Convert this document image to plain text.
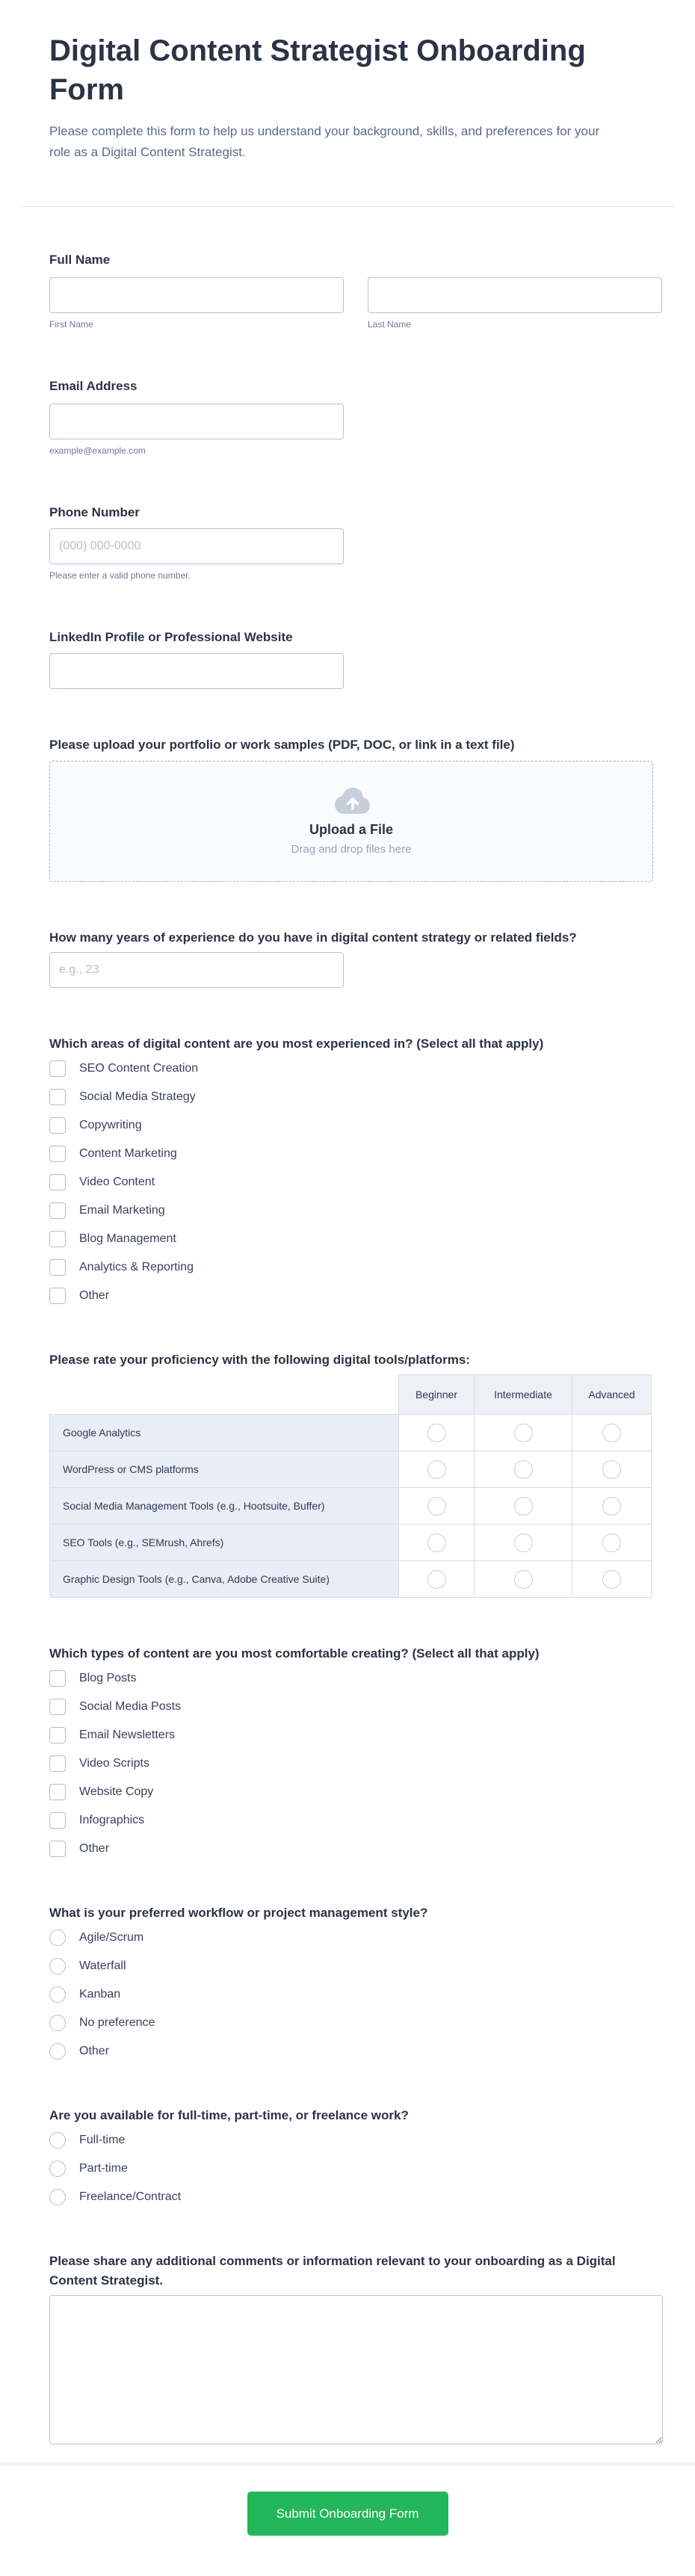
Digital Content Strategist Onboarding Form

Please complete this form to help us understand your background, skills, and preferences for your role as a Digital Content Strategist.

Full Name
First Name	Last Name
Email Address
example@example.com
Phone Number
(000) 000-0000
Please enter a valid phone number.
LinkedIn Profile or Professional Website
Please upload your portfolio or work samples (PDF, DOC, or link in a text file)
Upload a File
Drag and drop files here
How many years of experience do you have in digital content strategy or related fields?
e.g., 23
Which areas of digital content are you most experienced in? (Select all that apply)
SEO Content Creation
Social Media Strategy
Copywriting
Content Marketing
Video Content
Email Marketing
Blog Management
Analytics & Reporting
Other
Please rate your proficiency with the following digital tools/platforms:
	Beginner	Intermediate	Advanced
Google Analytics			
WordPress or CMS platforms			
Social Media Management Tools (e.g., Hootsuite, Buffer)			
SEO Tools (e.g., SEMrush, Ahrefs)			
Graphic Design Tools (e.g., Canva, Adobe Creative Suite)			
Which types of content are you most comfortable creating? (Select all that apply)
Blog Posts
Social Media Posts
Email Newsletters
Video Scripts
Website Copy
Infographics
Other
What is your preferred workflow or project management style?
Agile/Scrum
Waterfall
Kanban
No preference
Other
Are you available for full-time, part-time, or freelance work?
Full-time
Part-time
Freelance/Contract
Please share any additional comments or information relevant to your onboarding as a Digital Content Strategist.
Submit Onboarding Form
